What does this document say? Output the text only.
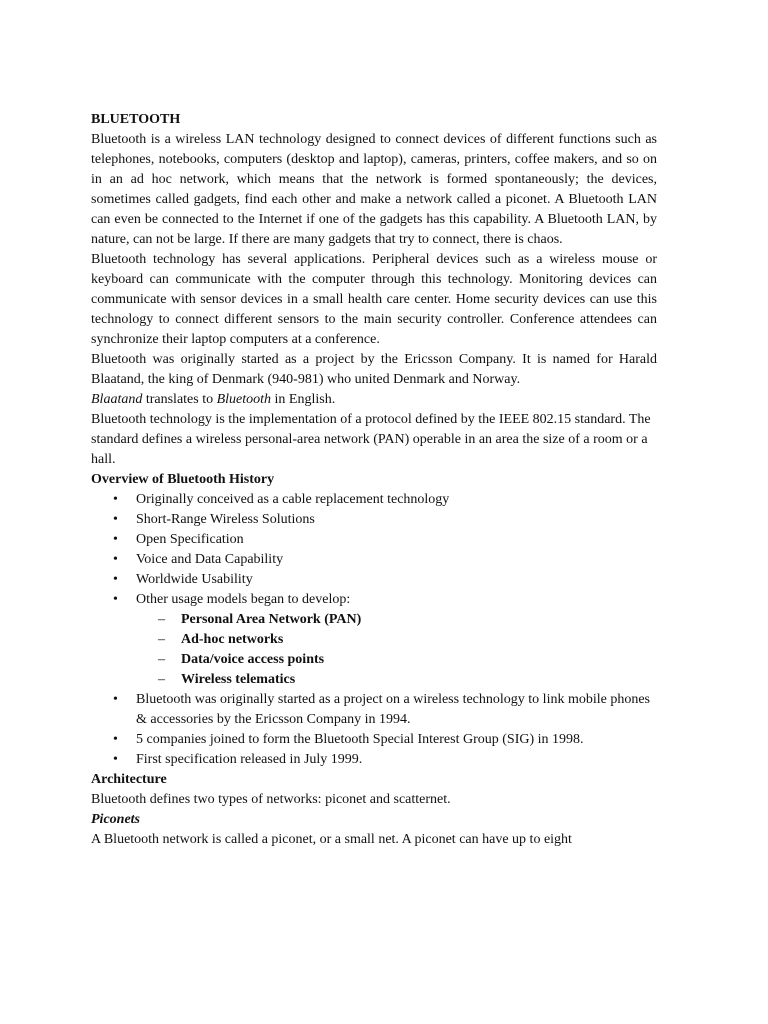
BLUETOOTH

Bluetooth is a wireless LAN technology designed to connect devices of different functions such as telephones, notebooks, computers (desktop and laptop), cameras, printers, coffee makers, and so on in an ad hoc network, which means that the network is formed spontaneously; the devices, sometimes called gadgets, find each other and make a network called a piconet. A Bluetooth LAN can even be connected to the Internet if one of the gadgets has this capability. A Bluetooth LAN, by nature, can not be large. If there are many gadgets that try to connect, there is chaos.

Bluetooth technology has several applications. Peripheral devices such as a wireless mouse or keyboard can communicate with the computer through this technology. Monitoring devices can communicate with sensor devices in a small health care center. Home security devices can use this technology to connect different sensors to the main security controller. Conference attendees can synchronize their laptop computers at a conference.

Bluetooth was originally started as a project by the Ericsson Company. It is named for Harald Blaatand, the king of Denmark (940-981) who united Denmark and Norway.
Blaatand translates to Bluetooth in English.

Bluetooth technology is the implementation of a protocol defined by the IEEE 802.15 standard. The standard defines a wireless personal-area network (PAN) operable in an area the size of a room or a hall.

Overview of Bluetooth History
• Originally conceived as a cable replacement technology
• Short-Range Wireless Solutions
• Open Specification
• Voice and Data Capability
• Worldwide Usability
• Other usage models began to develop:
– Personal Area Network (PAN)
– Ad-hoc networks
– Data/voice access points
– Wireless telematics
• Bluetooth was originally started as a project on a wireless technology to link mobile phones & accessories by the Ericsson Company in 1994.
• 5 companies joined to form the Bluetooth Special Interest Group (SIG) in 1998.
• First specification released in July 1999.
Architecture

Bluetooth defines two types of networks: piconet and scatternet.

Piconets

A Bluetooth network is called a piconet, or a small net. A piconet can have up to eight
